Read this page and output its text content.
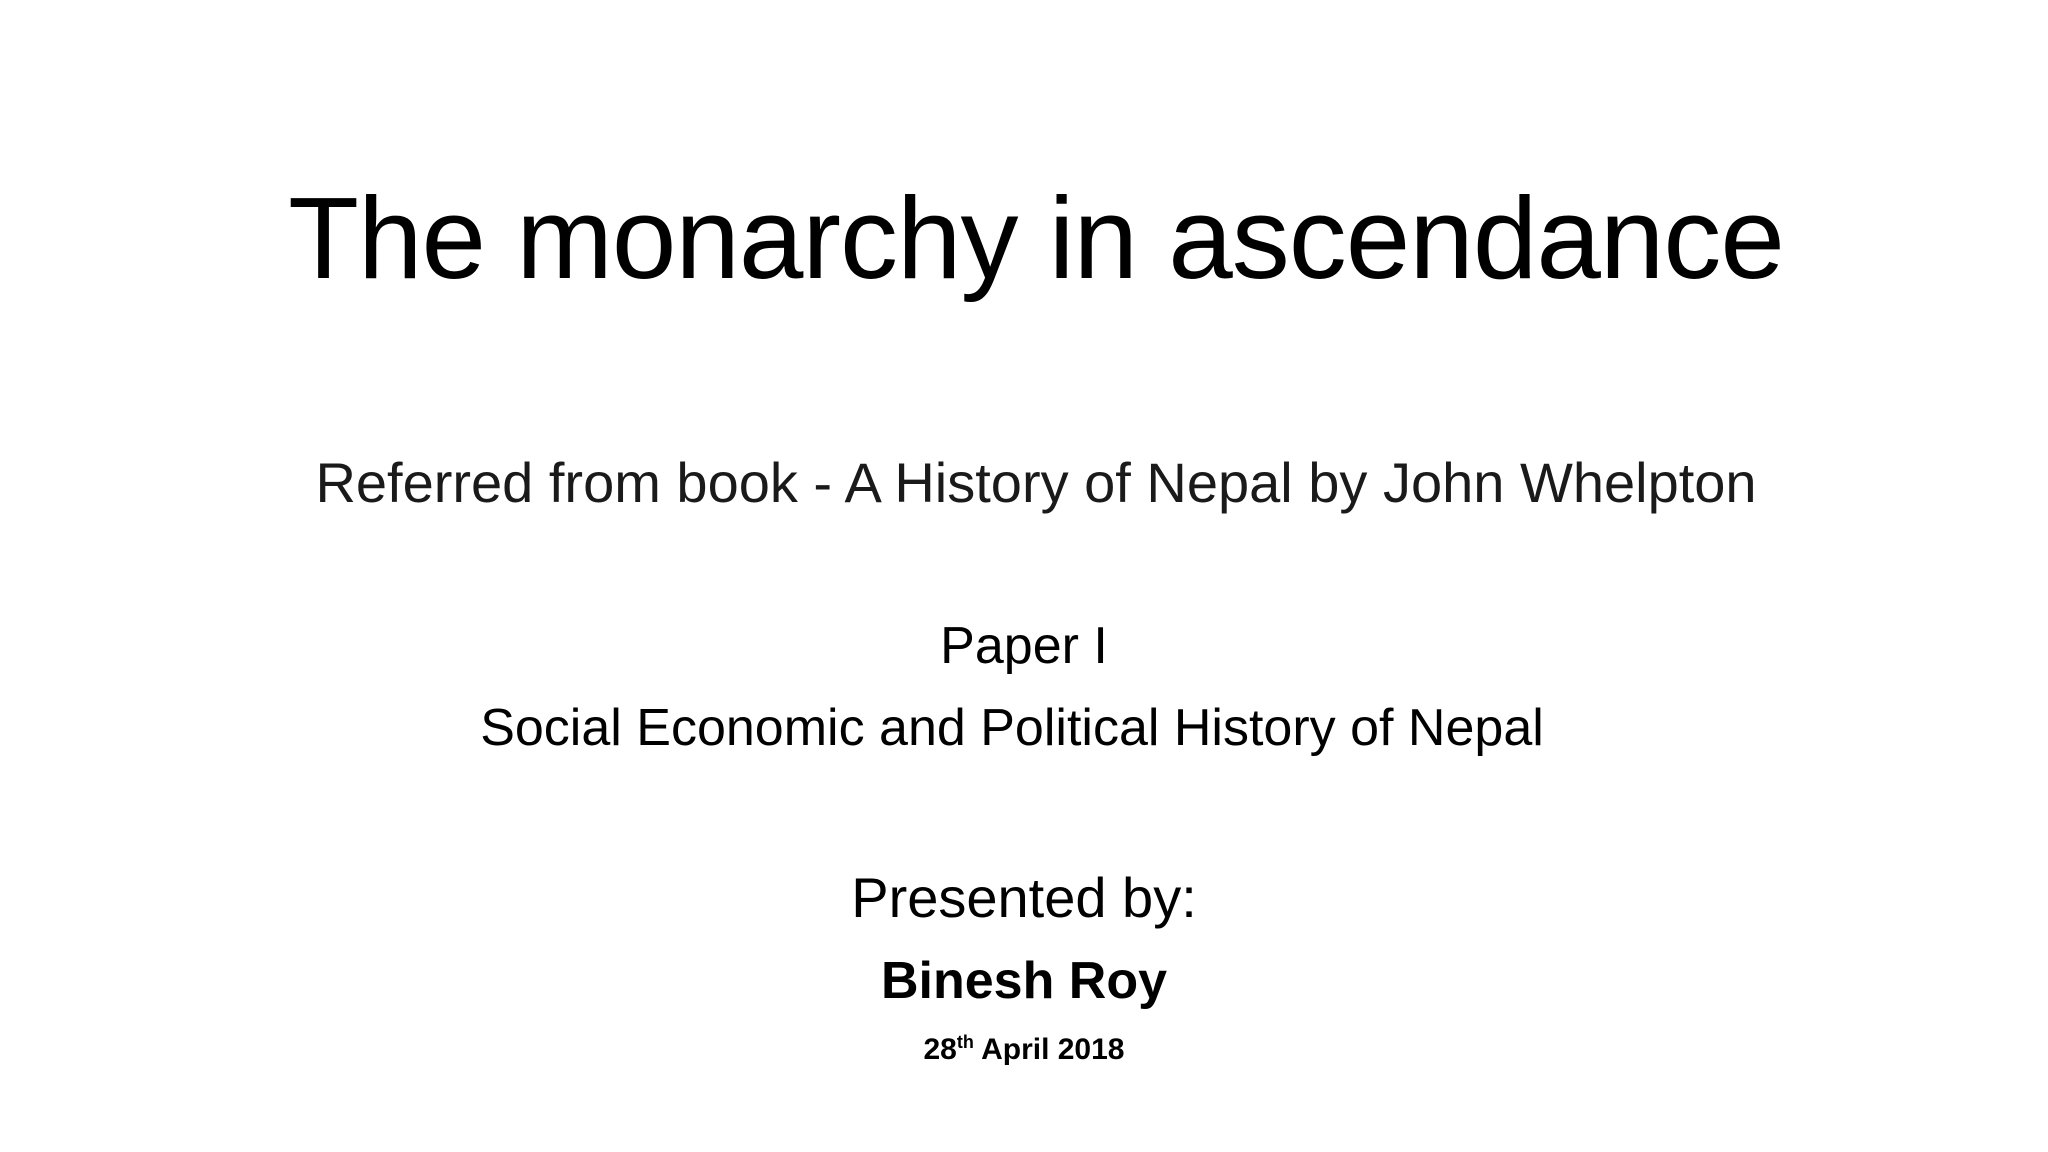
The monarchy in ascendance
Referred from book - A History of Nepal by John Whelpton
Paper I
Social Economic and Political History of Nepal
Presented by:
Binesh Roy
28th April 2018
